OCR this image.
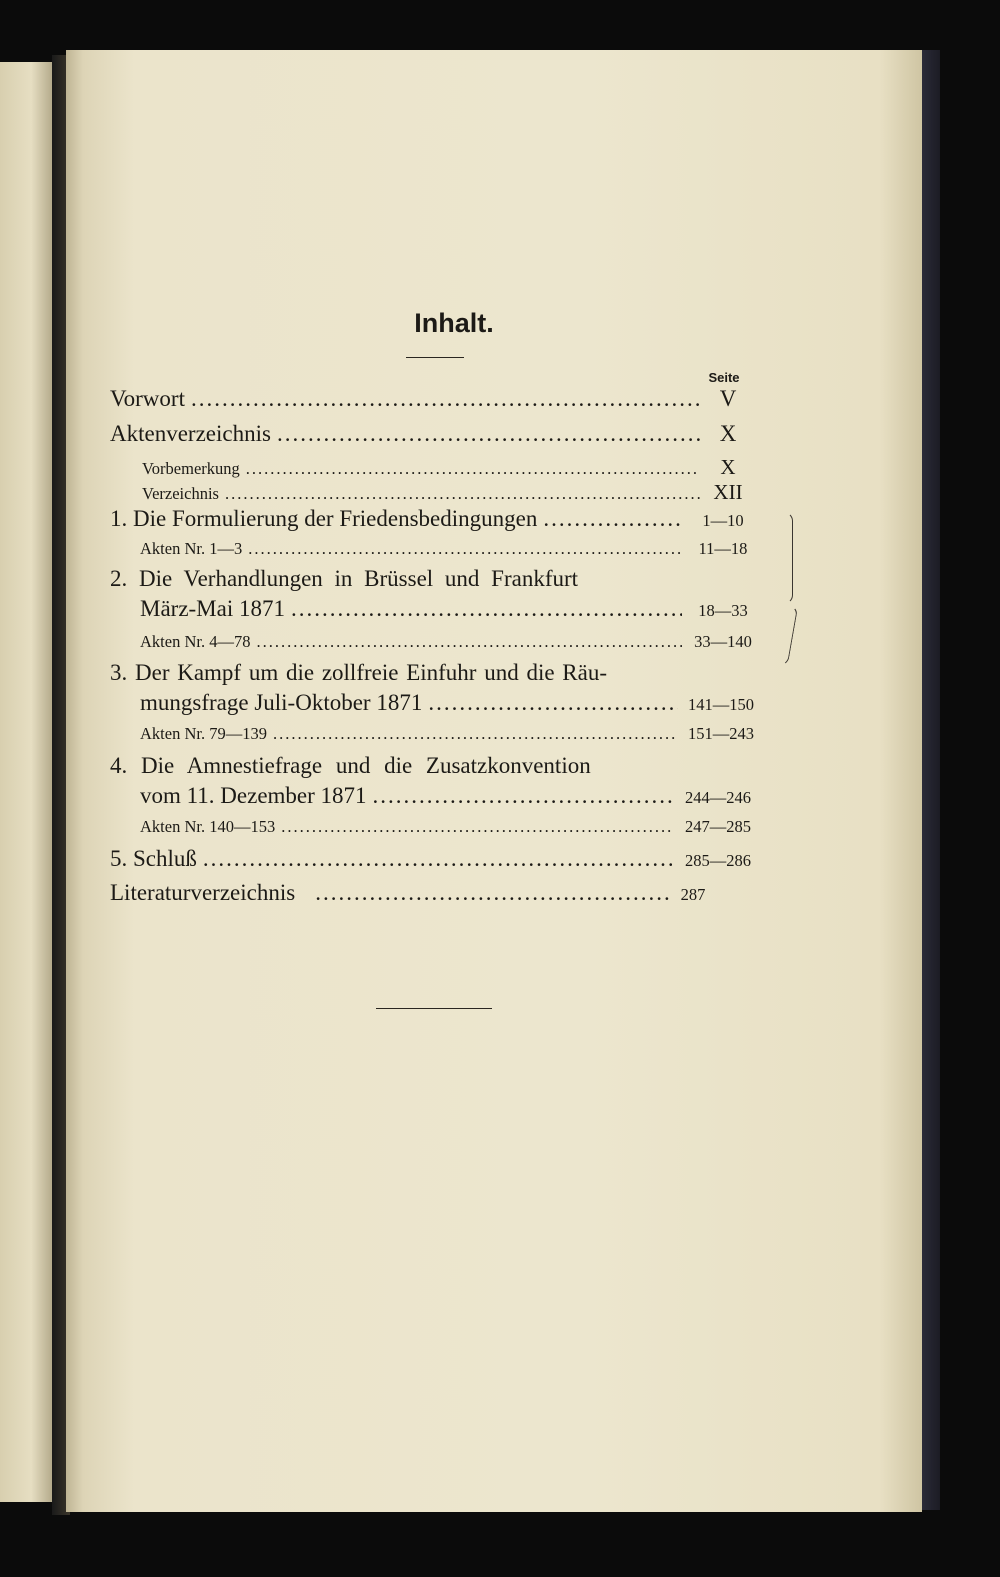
Inhalt.
Seite
Vorwort .....	V
Aktenverzeichnis .....	X
Vorbemerkung .....	X
Verzeichnis .....	XII
1. Die Formulierung der Friedensbedingungen .....	1—10
Akten Nr. 1—3 .....	11—18
2. Die Verhandlungen in Brüssel und Frankfurt
März-Mai 1871 .....	18—33
Akten Nr. 4—78 .....	33—140
3. Der Kampf um die zollfreie Einfuhr und die Räu-
mungsfrage Juli-Oktober 1871 .....	141—150
Akten Nr. 79—139 .....	151—243
4. Die Amnestiefrage und die Zusatzkonvention
vom 11. Dezember 1871 .....	244—246
Akten Nr. 140—153 .....	247—285
5. Schluß .....	285—286
Literaturverzeichnis .....	287
